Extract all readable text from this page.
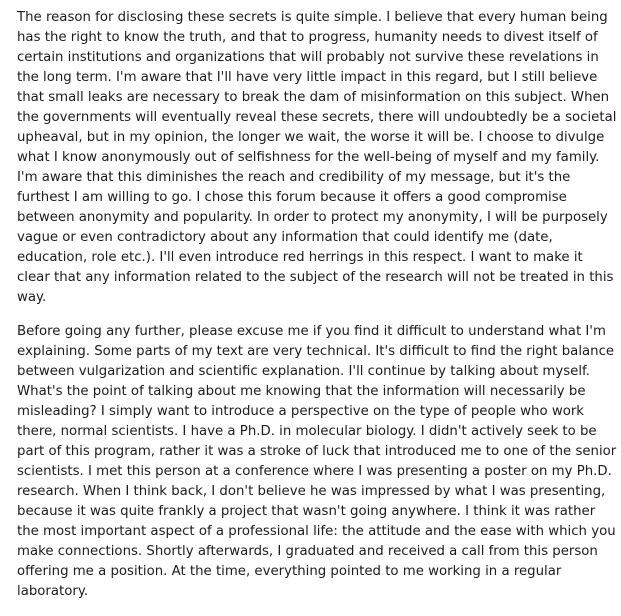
The reason for disclosing these secrets is quite simple. I believe that every human being has the right to know the truth, and that to progress, humanity needs to divest itself of certain institutions and organizations that will probably not survive these revelations in the long term. I'm aware that I'll have very little impact in this regard, but I still believe that small leaks are necessary to break the dam of misinformation on this subject. When the governments will eventually reveal these secrets, there will undoubtedly be a societal upheaval, but in my opinion, the longer we wait, the worse it will be. I choose to divulge what I know anonymously out of selfishness for the well-being of myself and my family. I'm aware that this diminishes the reach and credibility of my message, but it's the furthest I am willing to go. I chose this forum because it offers a good compromise between anonymity and popularity. In order to protect my anonymity, I will be purposely vague or even contradictory about any information that could identify me (date, education, role etc.). I'll even introduce red herrings in this respect. I want to make it clear that any information related to the subject of the research will not be treated in this way.

Before going any further, please excuse me if you find it difficult to understand what I'm explaining. Some parts of my text are very technical. It's difficult to find the right balance between vulgarization and scientific explanation. I'll continue by talking about myself. What's the point of talking about me knowing that the information will necessarily be misleading? I simply want to introduce a perspective on the type of people who work there, normal scientists. I have a Ph.D. in molecular biology. I didn't actively seek to be part of this program, rather it was a stroke of luck that introduced me to one of the senior scientists. I met this person at a conference where I was presenting a poster on my Ph.D. research. When I think back, I don't believe he was impressed by what I was presenting, because it was quite frankly a project that wasn't going anywhere. I think it was rather the most important aspect of a professional life: the attitude and the ease with which you make connections. Shortly afterwards, I graduated and received a call from this person offering me a position. At the time, everything pointed to me working in a regular laboratory.
